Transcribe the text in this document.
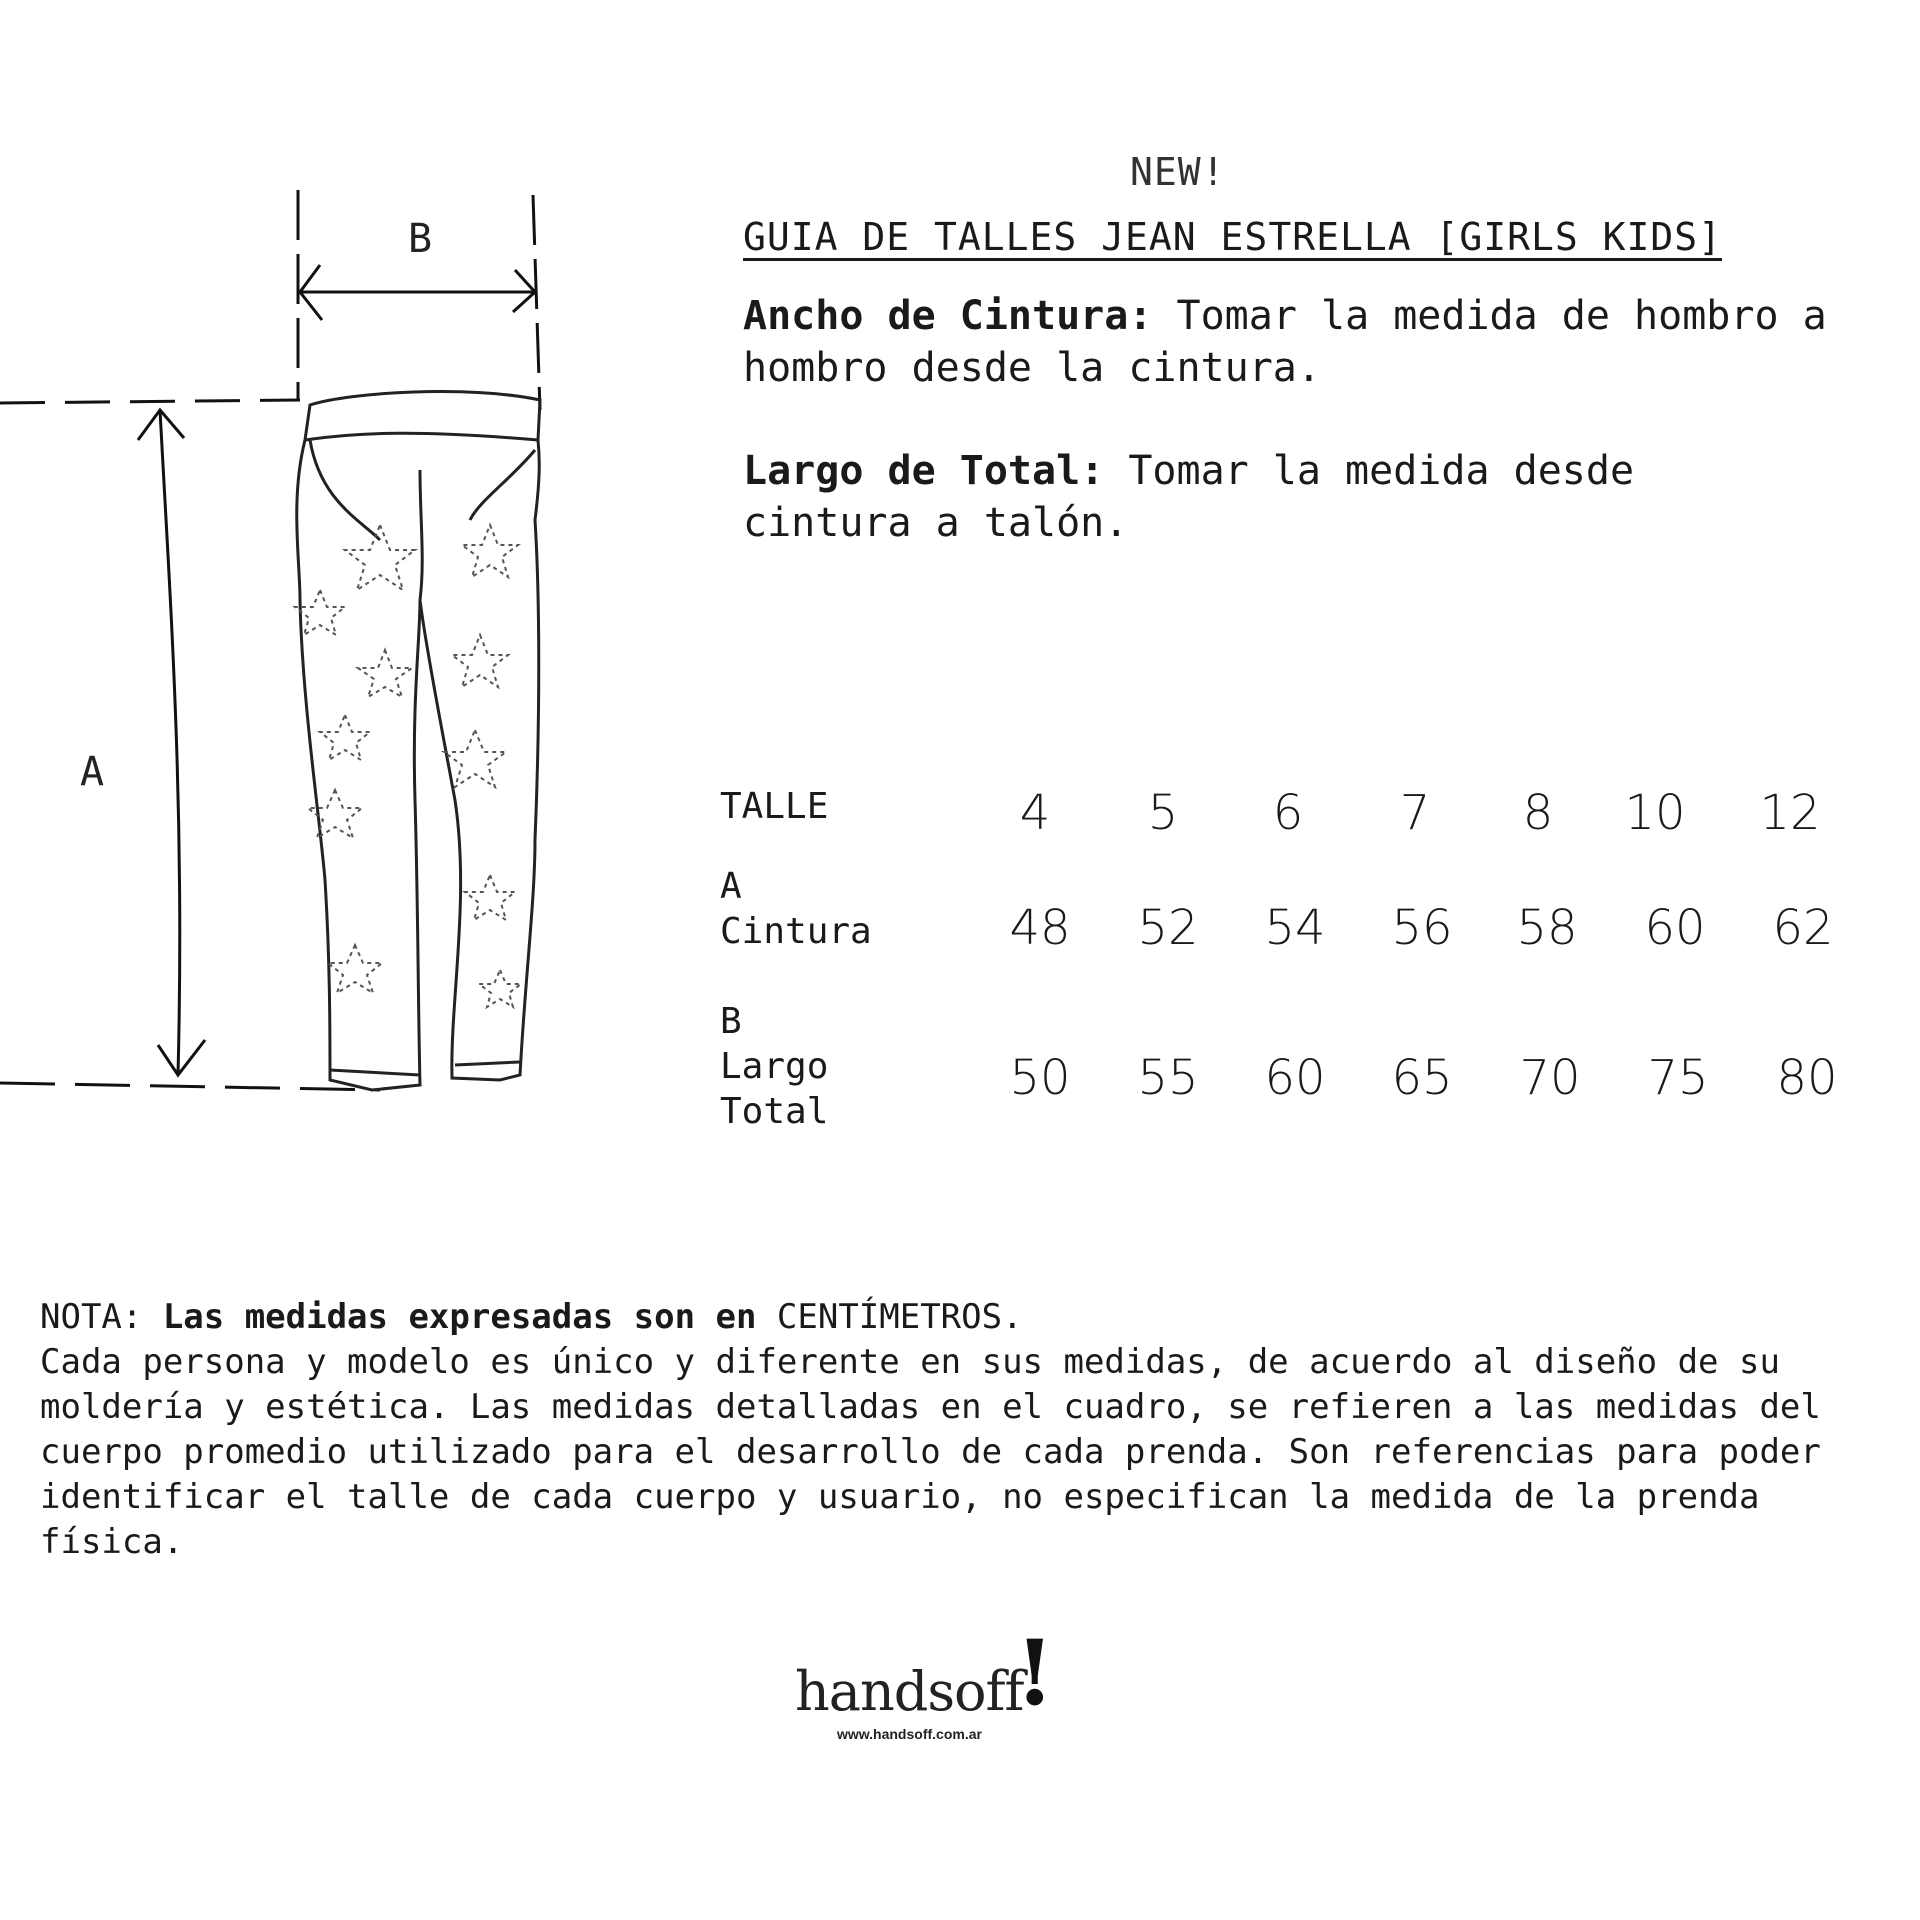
A
B
NEW!
GUIA DE TALLES JEAN ESTRELLA [GIRLS KIDS]
Ancho de Cintura: Tomar la medida de hombro a hombro desde la cintura.
Largo de Total: Tomar la medida desde cintura a talón.
TALLE	4	5	6	7	8	10	12
A
Cintura	48	52	54	56	58	60	62
B
Largo
Total
50	55	60	65	70	75	80
NOTA: Las medidas expresadas son en CENTÍMETROS.
Cada persona y modelo es único y diferente en sus medidas, de acuerdo al diseño de su moldería y estética. Las medidas detalladas en el cuadro, se refieren a las medidas del cuerpo promedio utilizado para el desarrollo de cada prenda. Son referencias para poder identificar el talle de cada cuerpo y usuario, no especifican la medida de la prenda física.
handsoff
!
www.handsoff.com.ar
